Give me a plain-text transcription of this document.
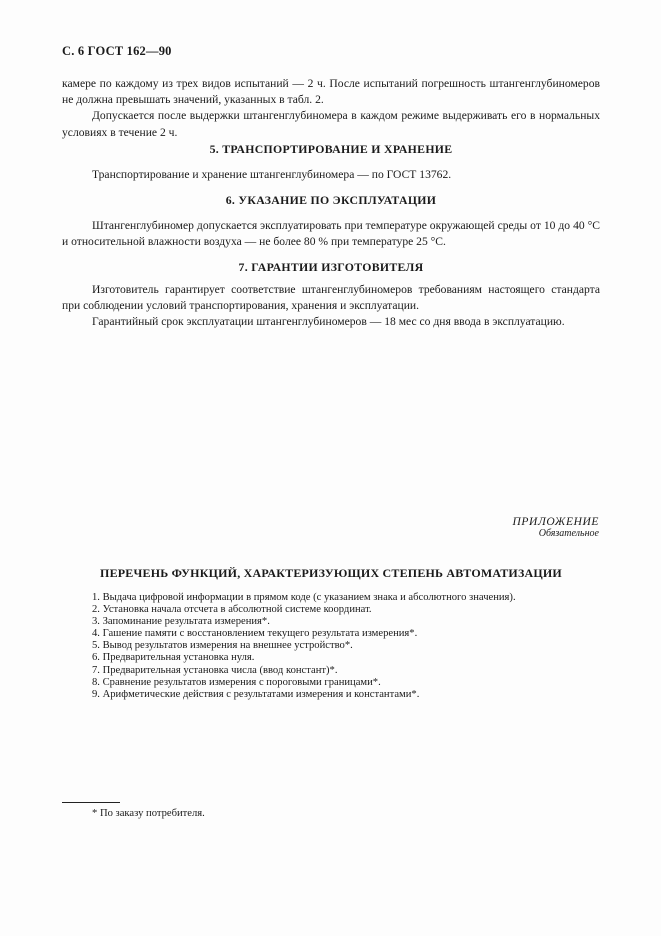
С. 6 ГОСТ 162—90

камере по каждому из трех видов испытаний — 2 ч. После испытаний погрешность штангенглубиномеров не должна превышать значений, указанных в табл. 2.

Допускается после выдержки штангенглубиномера в каждом режиме выдерживать его в нормальных условиях в течение 2 ч.

5. ТРАНСПОРТИРОВАНИЕ И ХРАНЕНИЕ

Транспортирование и хранение штангенглубиномера — по ГОСТ 13762.

6. УКАЗАНИЕ ПО ЭКСПЛУАТАЦИИ

Штангенглубиномер допускается эксплуатировать при температуре окружающей среды от 10 до 40 °С и относительной влажности воздуха — не более 80 % при температуре 25 °С.

7. ГАРАНТИИ ИЗГОТОВИТЕЛЯ

Изготовитель гарантирует соответствие штангенглубиномеров требованиям настоящего стандарта при соблюдении условий транспортирования, хранения и эксплуатации.

Гарантийный срок эксплуатации штангенглубиномеров — 18 мес со дня ввода в эксплуатацию.

ПРИЛОЖЕНИЕ
Обязательное
ПЕРЕЧЕНЬ ФУНКЦИЙ, ХАРАКТЕРИЗУЮЩИХ СТЕПЕНЬ АВТОМАТИЗАЦИИ
1. Выдача цифровой информации в прямом коде (с указанием знака и абсолютного значения).
2. Установка начала отсчета в абсолютной системе координат.
3. Запоминание результата измерения*.
4. Гашение памяти с восстановлением текущего результата измерения*.
5. Вывод результатов измерения на внешнее устройство*.
6. Предварительная установка нуля.
7. Предварительная установка числа (ввод констант)*.
8. Сравнение результатов измерения с пороговыми границами*.
9. Арифметические действия с результатами измерения и константами*.
* По заказу потребителя.
